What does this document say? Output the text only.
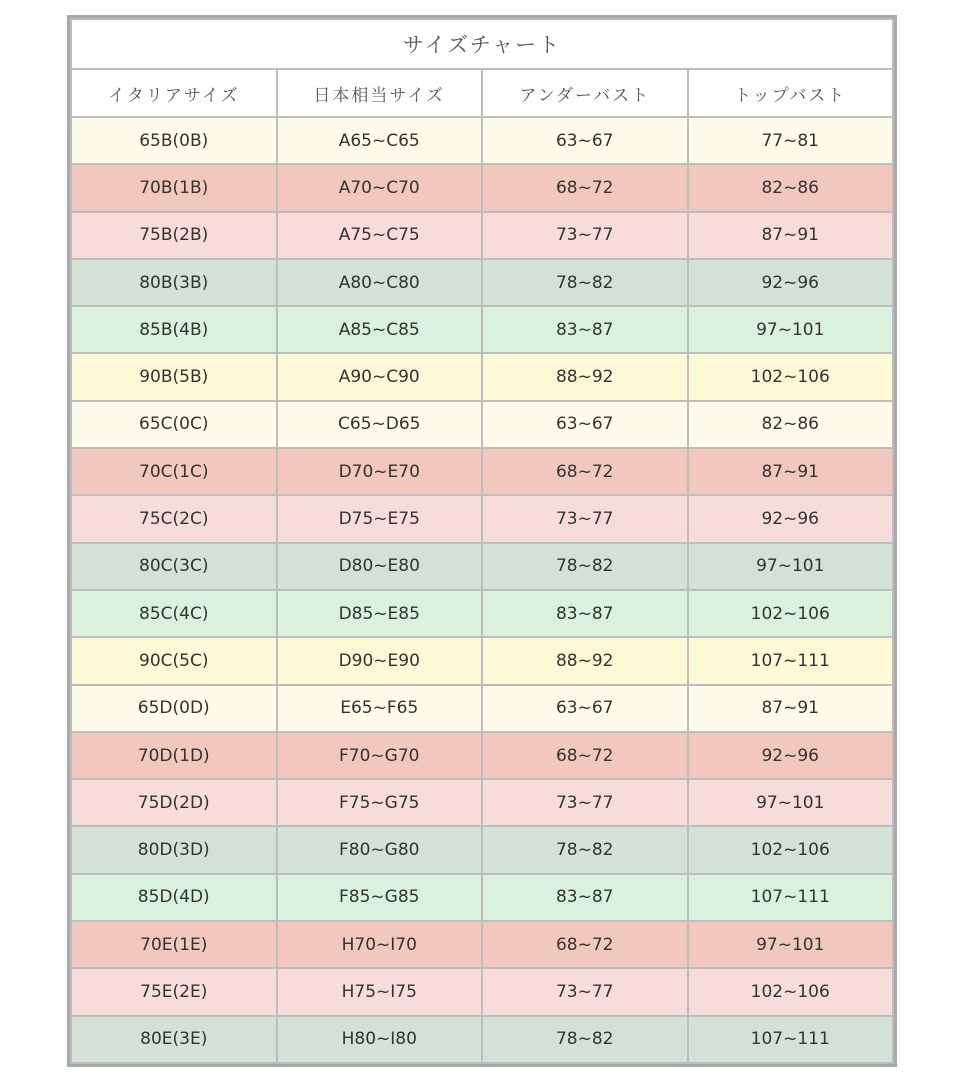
サイズチャート			
イタリアサイズ	日本相当サイズ	アンダーバスト	トップバスト
65B(0B)	A65~C65	63~67	77~81
70B(1B)	A70~C70	68~72	82~86
75B(2B)	A75~C75	73~77	87~91
80B(3B)	A80~C80	78~82	92~96
85B(4B)	A85~C85	83~87	97~101
90B(5B)	A90~C90	88~92	102~106
65C(0C)	C65~D65	63~67	82~86
70C(1C)	D70~E70	68~72	87~91
75C(2C)	D75~E75	73~77	92~96
80C(3C)	D80~E80	78~82	97~101
85C(4C)	D85~E85	83~87	102~106
90C(5C)	D90~E90	88~92	107~111
65D(0D)	E65~F65	63~67	87~91
70D(1D)	F70~G70	68~72	92~96
75D(2D)	F75~G75	73~77	97~101
80D(3D)	F80~G80	78~82	102~106
85D(4D)	F85~G85	83~87	107~111
70E(1E)	H70~I70	68~72	97~101
75E(2E)	H75~I75	73~77	102~106
80E(3E)	H80~I80	78~82	107~111
